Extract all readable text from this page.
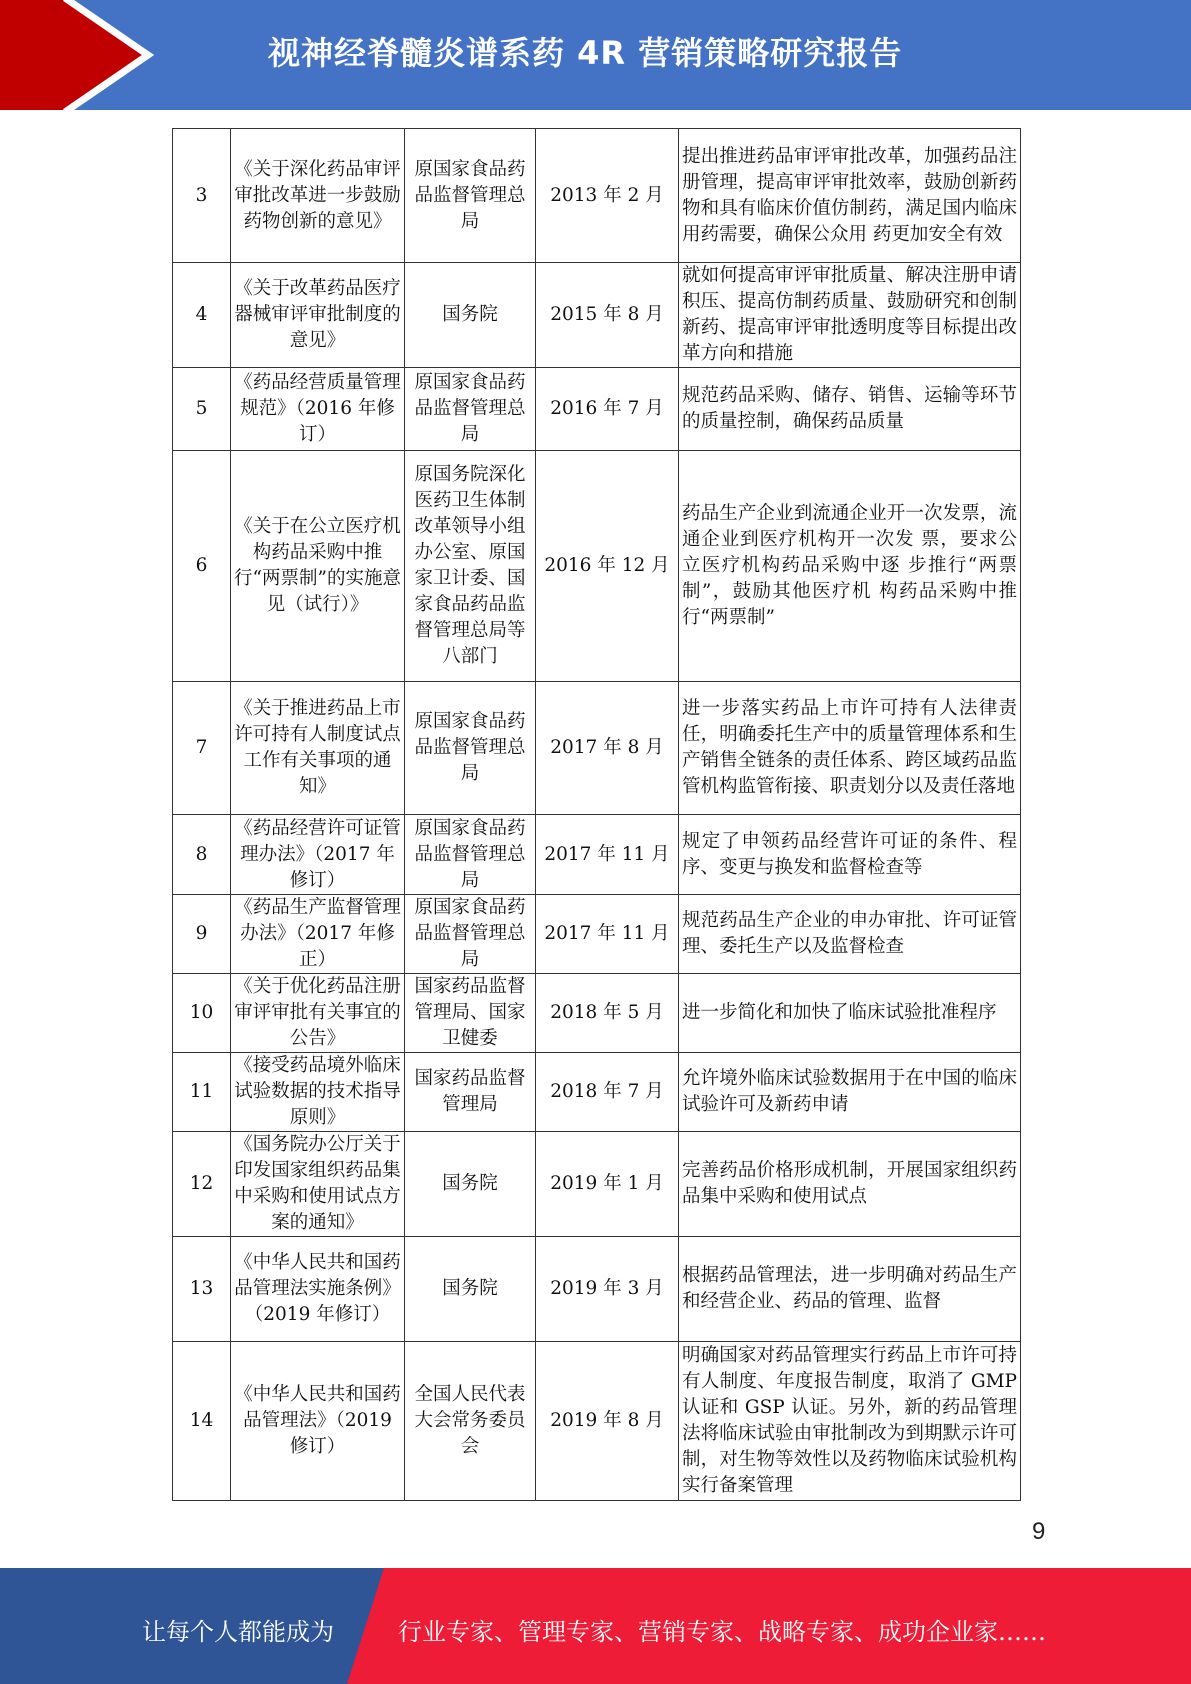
视神经脊髓炎谱系药 4R 营销策略研究报告
3	《关于深化药品审评审批改革进一步鼓励药物创新的意见》	原国家食品药品监督管理总局	2013 年 2 月	提出推进药品审评审批改革，加强药品注册管理，提高审评审批效率，鼓励创新药物和具有临床价值仿制药，满足国内临床用药需要，确保公众用 药更加安全有效
4	《关于改革药品医疗器械审评审批制度的意见》	国务院	2015 年 8 月	就如何提高审评审批质量、解决注册申请积压、提高仿制药质量、鼓励研究和创制新药、提高审评审批透明度等目标提出改革方向和措施
5	《药品经营质量管理规范》（2016 年修订）	原国家食品药品监督管理总局	2016 年 7 月	规范药品采购、储存、销售、运输等环节的质量控制，确保药品质量
6	《关于在公立医疗机构药品采购中推行“两票制”的实施意见（试行）》	原国务院深化医药卫生体制改革领导小组办公室、原国家卫计委、国家食品药品监督管理总局等八部门	2016 年 12 月	药品生产企业到流通企业开一次发票，流通企业到医疗机构开一次发 票，要求公立医疗机构药品采购中逐 步推行“两票制”，鼓励其他医疗机 构药品采购中推行“两票制”
7	《关于推进药品上市许可持有人制度试点工作有关事项的通知》	原国家食品药品监督管理总局	2017 年 8 月	进一步落实药品上市许可持有人法律责任，明确委托生产中的质量管理体系和生产销售全链条的责任体系、跨区域药品监管机构监管衔接、职责划分以及责任落地
8	《药品经营许可证管理办法》（2017 年修订）	原国家食品药品监督管理总局	2017 年 11 月	规定了申领药品经营许可证的条件、程序、变更与换发和监督检查等
9	《药品生产监督管理办法》（2017 年修正）	原国家食品药品监督管理总局	2017 年 11 月	规范药品生产企业的申办审批、许可证管理、委托生产以及监督检查
10	《关于优化药品注册审评审批有关事宜的公告》	国家药品监督管理局、国家卫健委	2018 年 5 月	进一步简化和加快了临床试验批准程序
11	《接受药品境外临床试验数据的技术指导原则》	国家药品监督管理局	2018 年 7 月	允许境外临床试验数据用于在中国的临床试验许可及新药申请
12	《国务院办公厅关于印发国家组织药品集中采购和使用试点方案的通知》	国务院	2019 年 1 月	完善药品价格形成机制，开展国家组织药品集中采购和使用试点
13	《中华人民共和国药品管理法实施条例》（2019 年修订）	国务院	2019 年 3 月	根据药品管理法，进一步明确对药品生产和经营企业、药品的管理、监督
14	《中华人民共和国药品管理法》（2019 修订）	全国人民代表大会常务委员会	2019 年 8 月	明确国家对药品管理实行药品上市许可持有人制度、年度报告制度，取消了 GMP 认证和 GSP 认证。另外，新的药品管理法将临床试验由审批制改为到期默示许可制，对生物等效性以及药物临床试验机构实行备案管理
9
让每个人都能成为	行业专家、管理专家、营销专家、战略专家、成功企业家……
